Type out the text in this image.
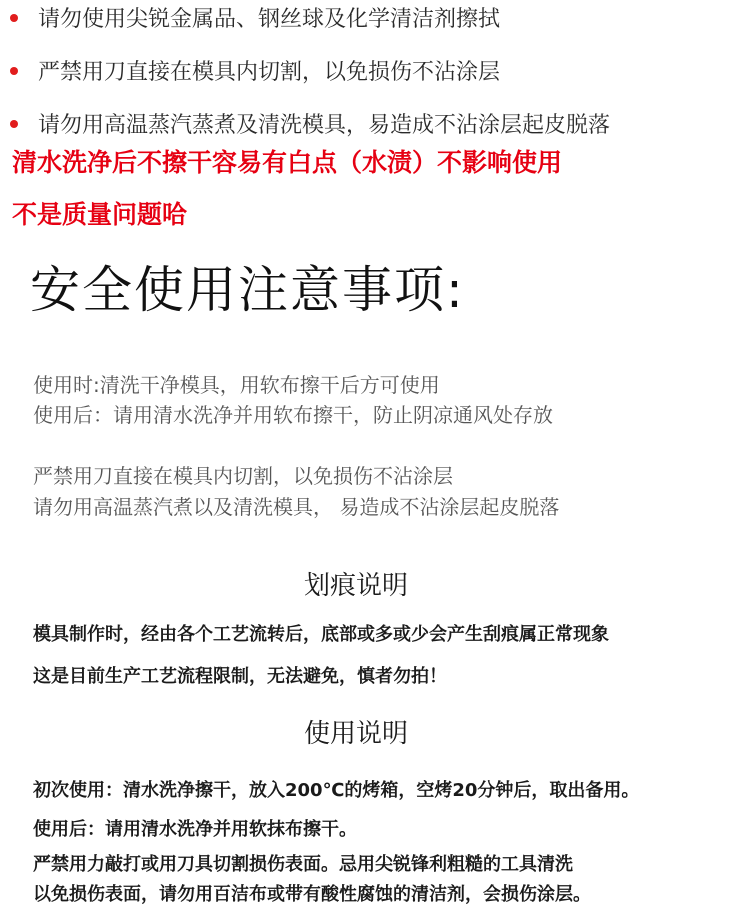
请勿使用尖锐金属品、钢丝球及化学清洁剂擦拭
严禁用刀直接在模具内切割，以免损伤不沾涂层
请勿用高温蒸汽蒸煮及清洗模具，易造成不沾涂层起皮脱落
清水洗净后不擦干容易有白点（水渍）不影响使用
不是质量问题哈
安全使用注意事项:
使用时:清洗干净模具，用软布擦干后方可使用
使用后：请用清水洗净并用软布擦干，防止阴凉通风处存放
严禁用刀直接在模具内切割，以免损伤不沾涂层
请勿用高温蒸汽煮以及清洗模具， 易造成不沾涂层起皮脱落
划痕说明
模具制作时，经由各个工艺流转后，底部或多或少会产生刮痕属正常现象
这是目前生产工艺流程限制，无法避免，慎者勿拍！
使用说明
初次使用：清水洗净擦干，放入200℃的烤箱，空烤20分钟后，取出备用。
使用后：请用清水洗净并用软抹布擦干。
严禁用力敲打或用刀具切割损伤表面。忌用尖锐锋利粗糙的工具清洗
以免损伤表面，请勿用百洁布或带有酸性腐蚀的清洁剂，会损伤涂层。
